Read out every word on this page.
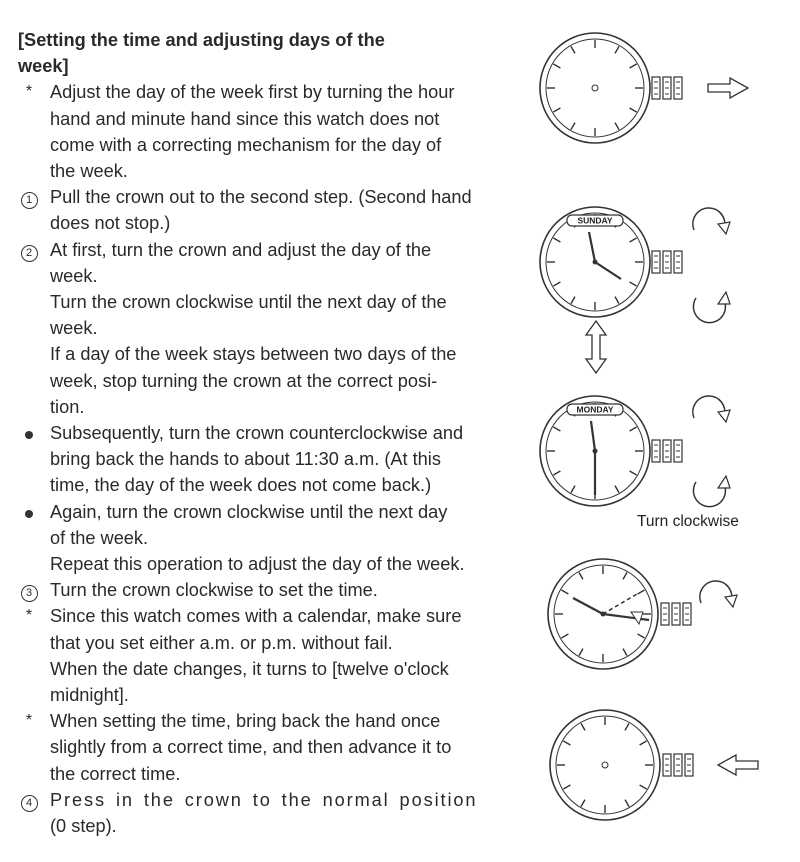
[Setting the time and adjusting days of the
week]
* Adjust the day of the week first by turning the hour
hand and minute hand since this watch does not
come with a correcting mechanism for the day of
the week.
1 Pull the crown out to the second step. (Second hand
does not stop.)
2 At first, turn the crown and adjust the day of the
week.
Turn the crown clockwise until the next day of the
week.
If a day of the week stays between two days of the
week, stop turning the crown at the correct posi-
tion.
Subsequently, turn the crown counterclockwise and
bring back the hands to about 11:30 a.m. (At this
time, the day of the week does not come back.)
Again, turn the crown clockwise until the next day
of the week.
Repeat this operation to adjust the day of the week.
3 Turn the crown clockwise to set the time.
* Since this watch comes with a calendar, make sure
that you set either a.m. or p.m. without fail.
When the date changes, it turns to [twelve o'clock
midnight].
* When setting the time, bring back the hand once
slightly from a correct time, and then advance it to
the correct time.
4 Press in the crown to the normal position
(0 step).
SUNDAY
MONDAY
Turn clockwise
